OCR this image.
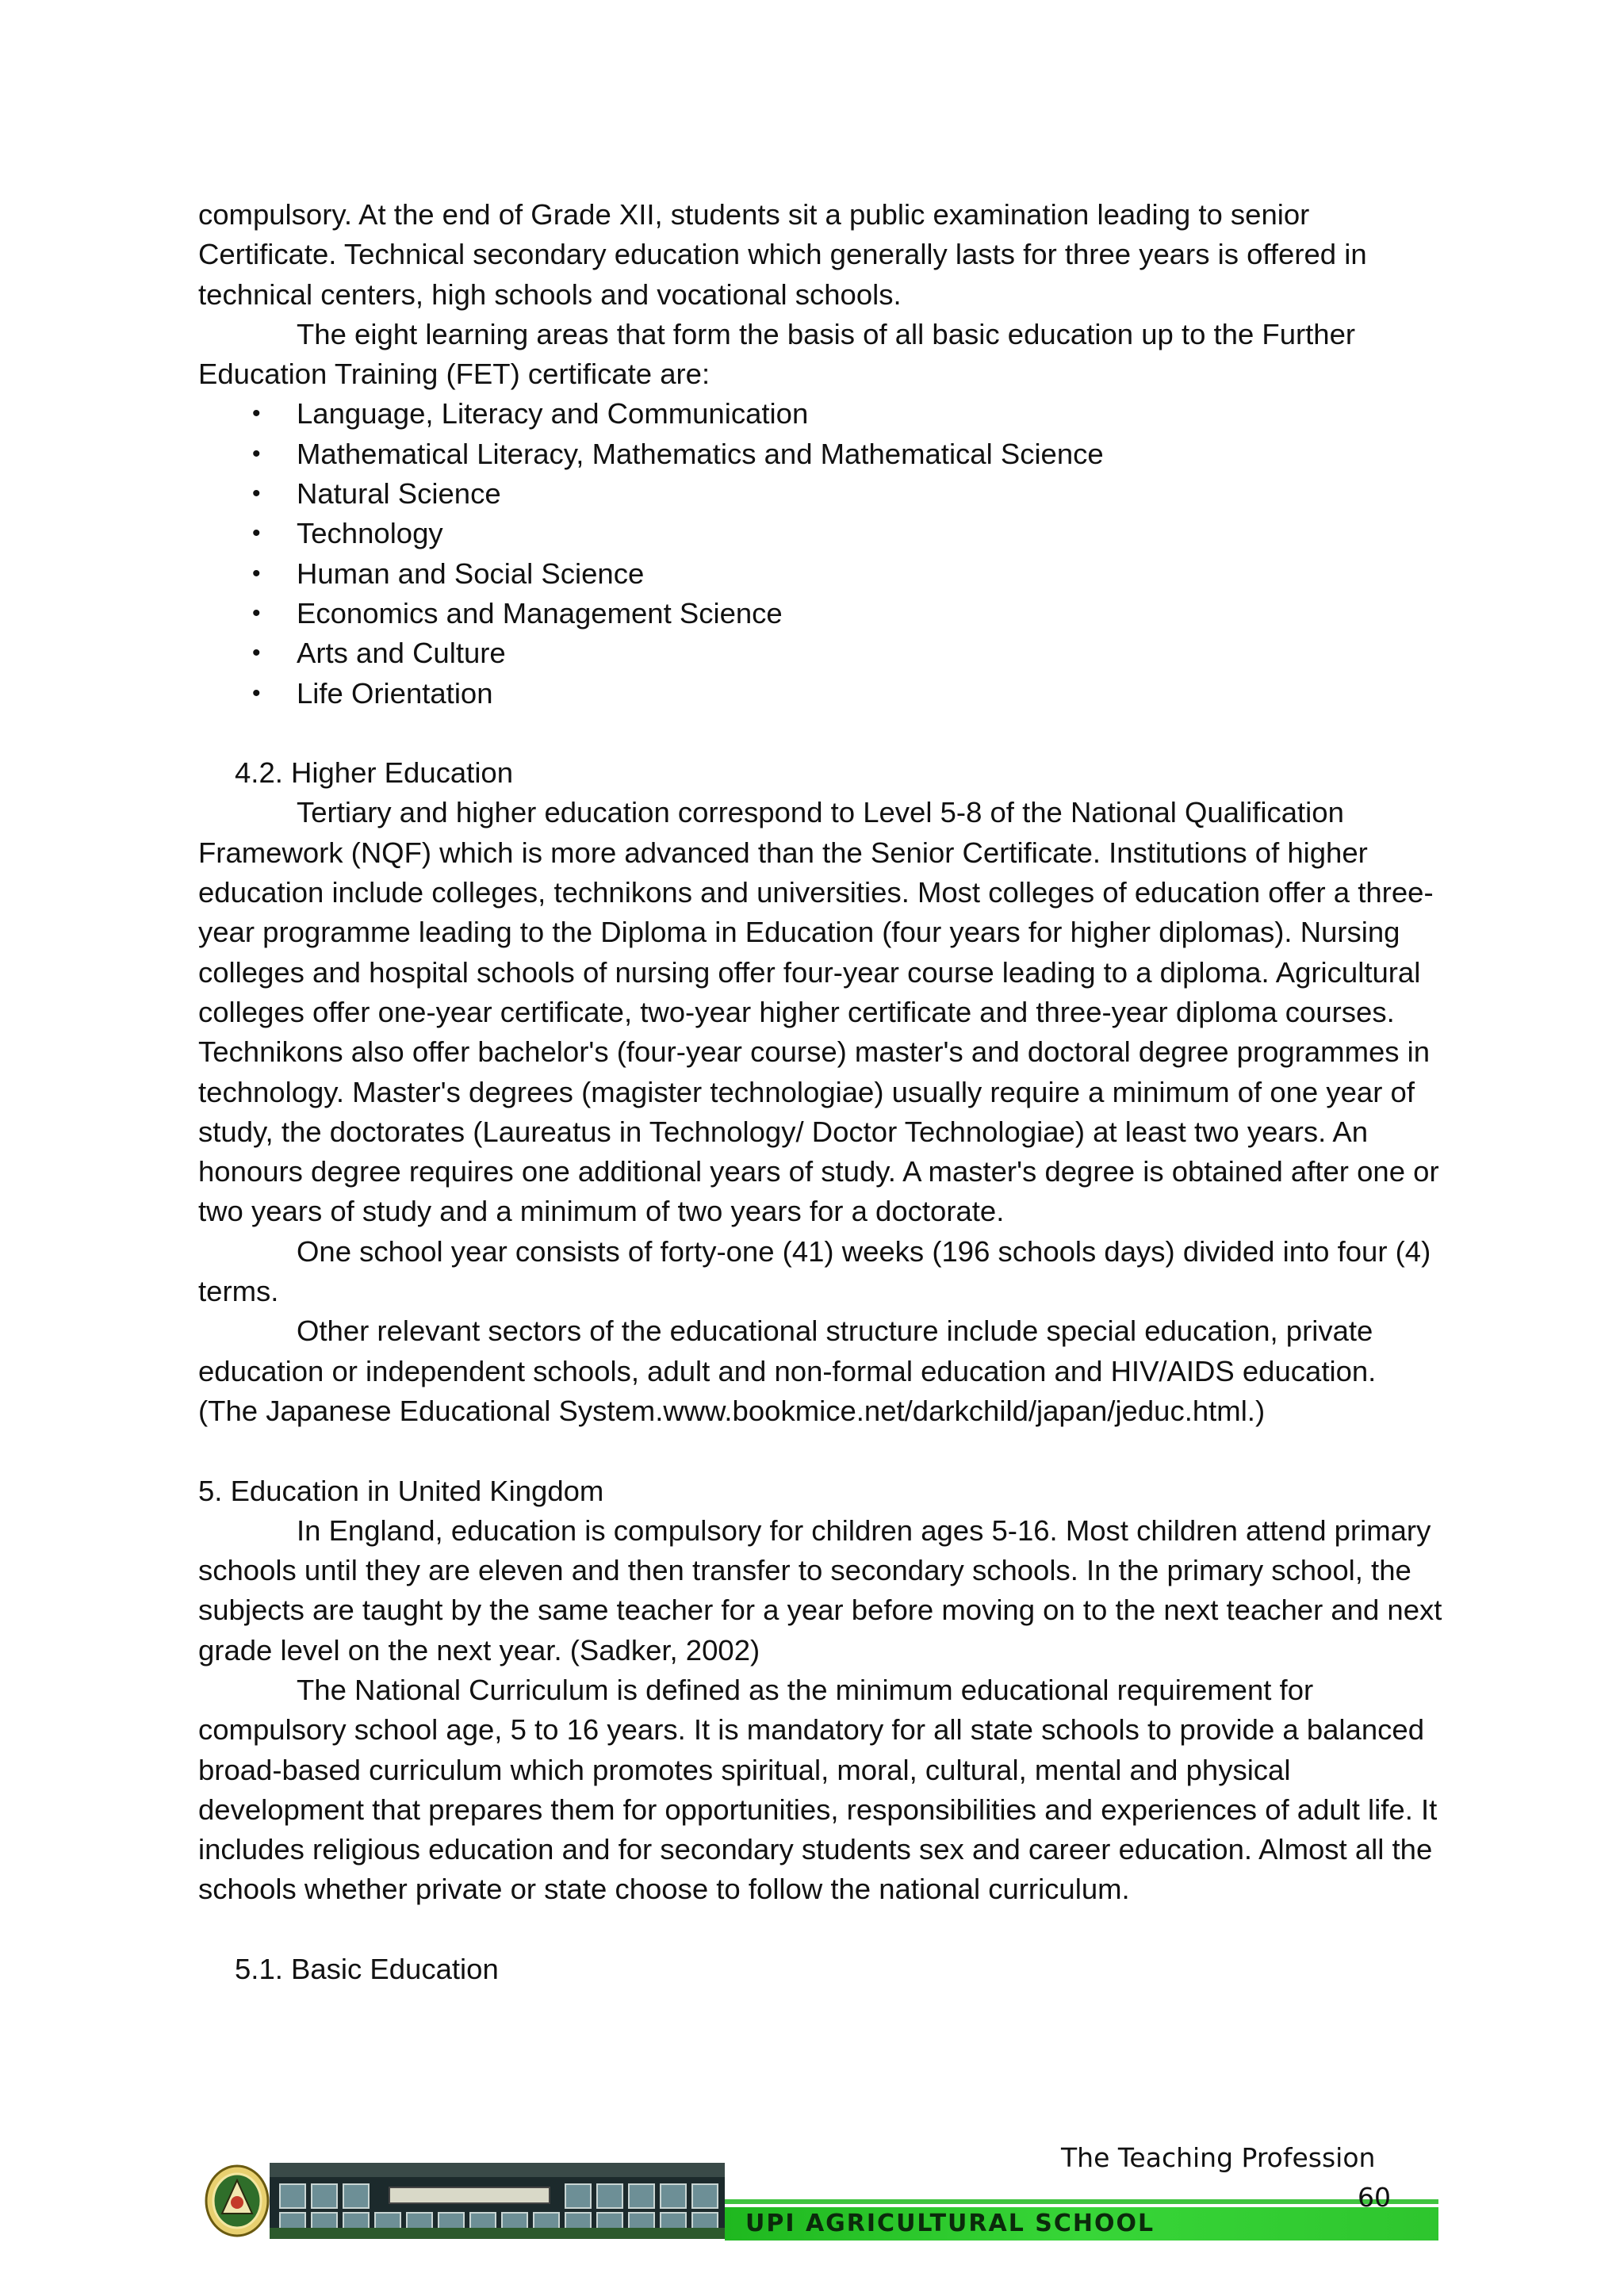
compulsory. At the end of Grade XII, students sit a public examination leading to senior Certificate. Technical secondary education which generally lasts for three years is offered in technical centers, high schools and vocational schools.

The eight learning areas that form the basis of all basic education up to the Further Education Training (FET) certificate are:

• Language, Literacy and Communication
• Mathematical Literacy, Mathematics and Mathematical Science
• Natural Science
• Technology
• Human and Social Science
• Economics and Management Science
• Arts and Culture
• Life Orientation

4.2. Higher Education

Tertiary and higher education correspond to Level 5-8 of the National Qualification Framework (NQF) which is more advanced than the Senior Certificate. Institutions of higher education include colleges, technikons and universities. Most colleges of education offer a three-year programme leading to the Diploma in Education (four years for higher diplomas). Nursing colleges and hospital schools of nursing offer four-year course leading to a diploma. Agricultural colleges offer one-year certificate, two-year higher certificate and three-year diploma courses. Technikons also offer bachelor's (four-year course) master's and doctoral degree programmes in technology. Master's degrees (magister technologiae) usually require a minimum of one year of study, the doctorates (Laureatus in Technology/ Doctor Technologiae) at least two years. An honours degree requires one additional years of study. A master's degree is obtained after one or two years of study and a minimum of two years for a doctorate.

One school year consists of forty-one (41) weeks (196 schools days) divided into four (4) terms.

Other relevant sectors of the educational structure include special education, private education or independent schools, adult and non-formal education and HIV/AIDS education.

(The Japanese Educational System.www.bookmice.net/darkchild/japan/jeduc.html.)

5. Education in United Kingdom

In England, education is compulsory for children ages 5-16. Most children attend primary schools until they are eleven and then transfer to secondary schools. In the primary school, the subjects are taught by the same teacher for a year before moving on to the next teacher and next grade level on the next year. (Sadker, 2002)

The National Curriculum is defined as the minimum educational requirement for compulsory school age, 5 to 16 years. It is mandatory for all state schools to provide a balanced broad-based curriculum which promotes spiritual, moral, cultural, mental and physical development that prepares them for opportunities, responsibilities and experiences of adult life. It includes religious education and for secondary students sex and career education. Almost all the schools whether private or state choose to follow the national curriculum.

5.1. Basic Education

The Teaching Profession
UPI AGRICULTURAL SCHOOL
60
